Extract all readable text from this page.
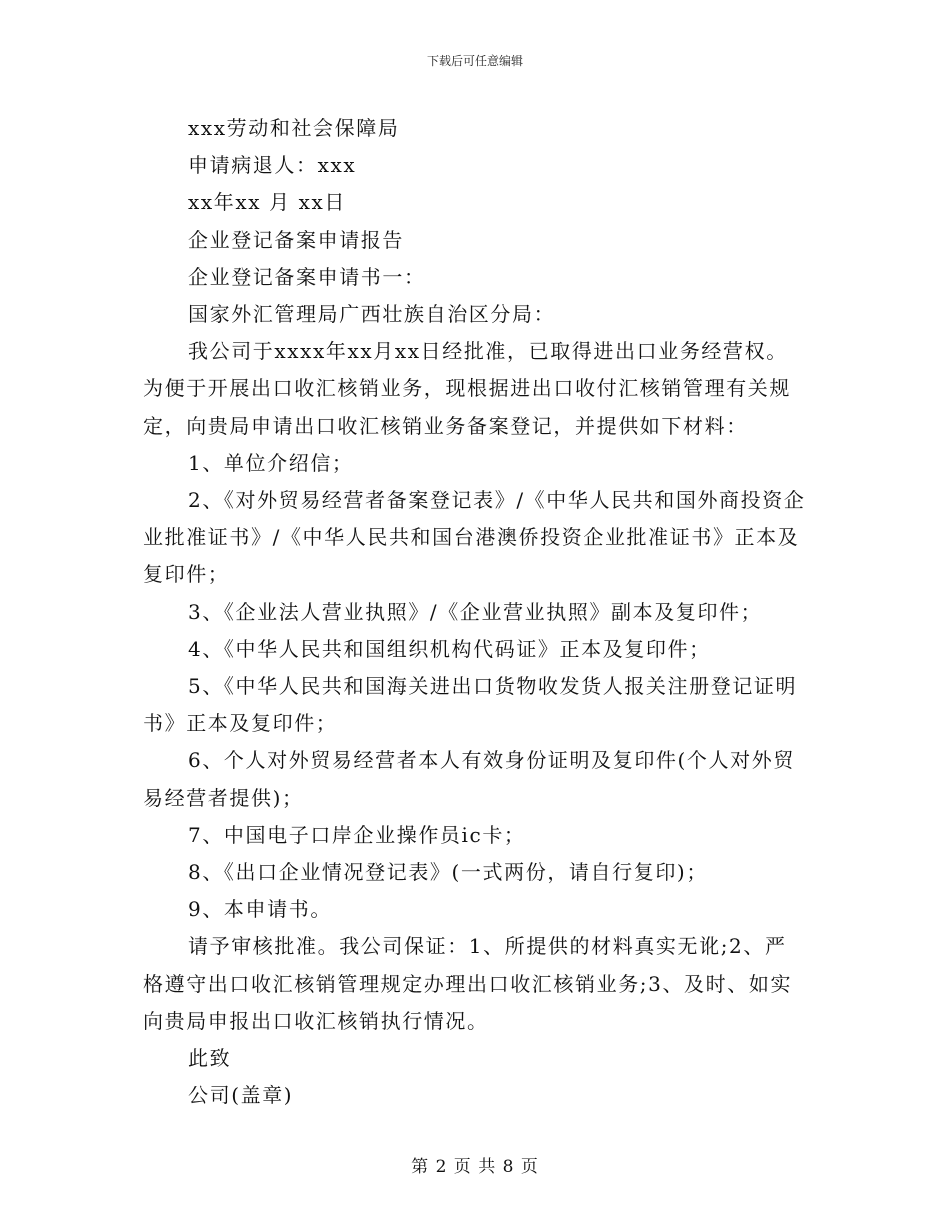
下载后可任意编辑

xxx劳动和社会保障局

申请病退人：xxx

xx年xx 月 xx日

企业登记备案申请报告

企业登记备案申请书一：

国家外汇管理局广西壮族自治区分局：

我公司于xxxx年xx月xx日经批准，已取得进出口业务经营权。为便于开展出口收汇核销业务，现根据进出口收付汇核销管理有关规定，向贵局申请出口收汇核销业务备案登记，并提供如下材料：

1、单位介绍信；

2、《对外贸易经营者备案登记表》/《中华人民共和国外商投资企业批准证书》/《中华人民共和国台港澳侨投资企业批准证书》正本及复印件；

3、《企业法人营业执照》/《企业营业执照》副本及复印件；

4、《中华人民共和国组织机构代码证》正本及复印件；

5、《中华人民共和国海关进出口货物收发货人报关注册登记证明书》正本及复印件；

6、个人对外贸易经营者本人有效身份证明及复印件(个人对外贸易经营者提供)；

7、中国电子口岸企业操作员ic卡；

8、《出口企业情况登记表》(一式两份，请自行复印)；

9、本申请书。

请予审核批准。我公司保证：1、所提供的材料真实无讹;2、严格遵守出口收汇核销管理规定办理出口收汇核销业务;3、及时、如实向贵局申报出口收汇核销执行情况。

此致

公司(盖章)

第 2 页 共 8 页
